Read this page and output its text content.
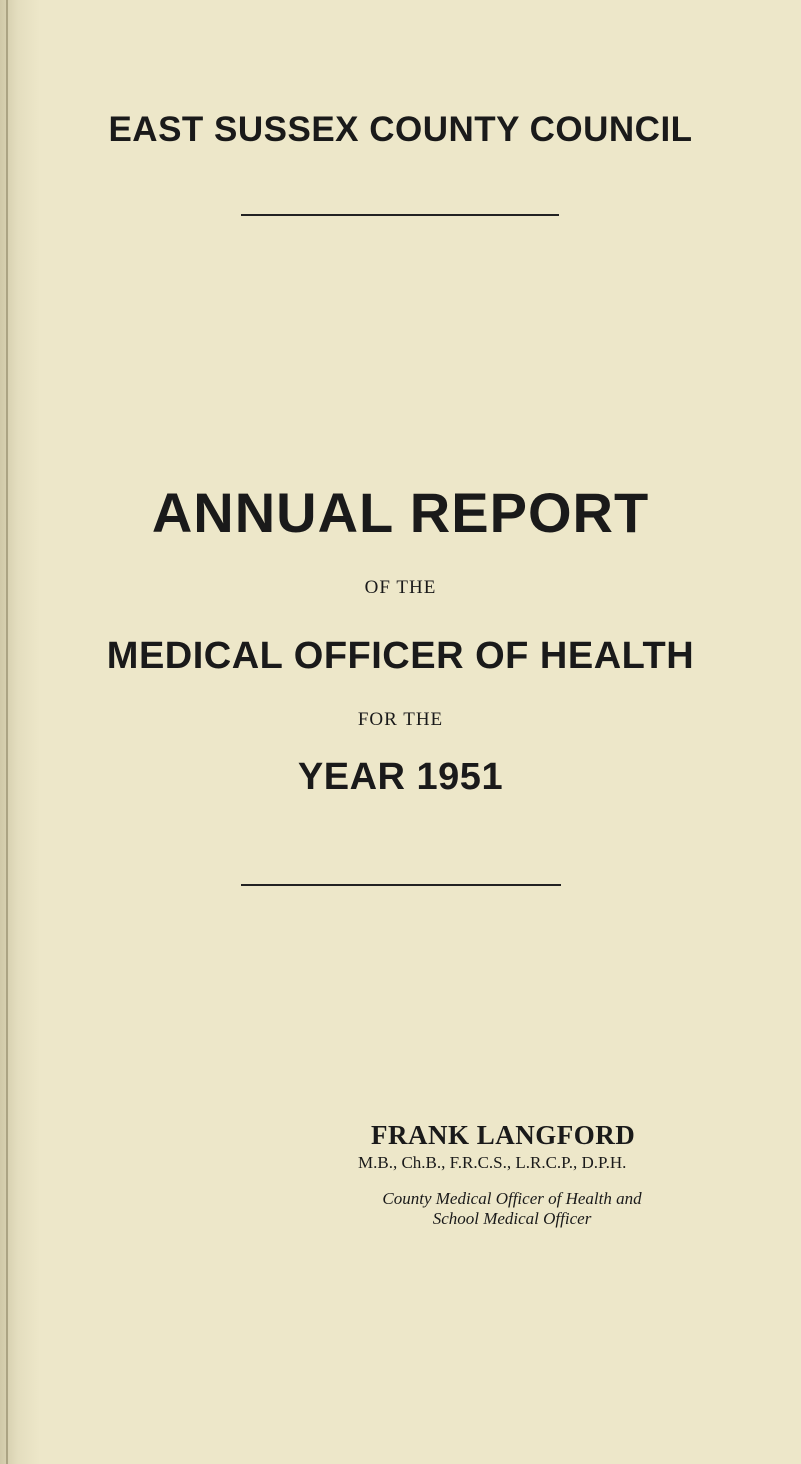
EAST SUSSEX COUNTY COUNCIL
ANNUAL REPORT
OF THE
MEDICAL OFFICER OF HEALTH
FOR THE
YEAR 1951
FRANK LANGFORD
M.B., Ch.B., F.R.C.S., L.R.C.P., D.P.H.
County Medical Officer of Health and
School Medical Officer
